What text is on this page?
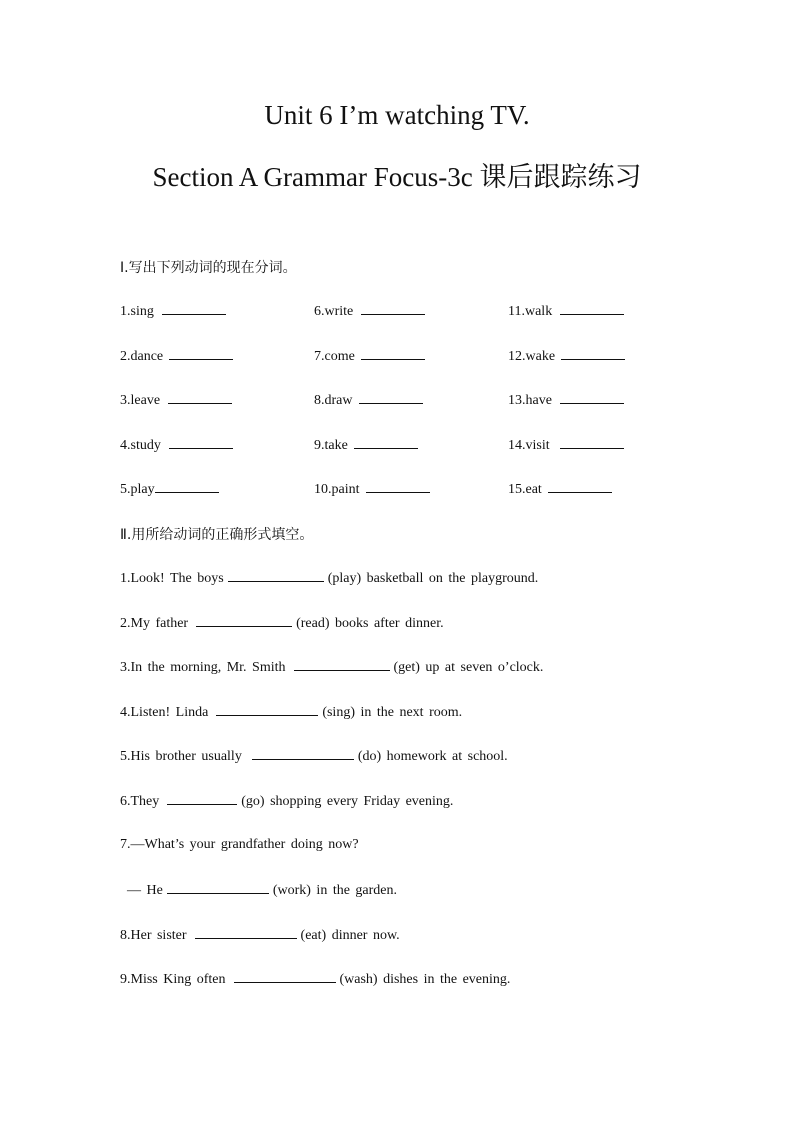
Unit 6 I’m watching TV.
Section A Grammar Focus-3c 课后跟踪练习
Ⅰ.写出下列动词的现在分词。
1.sing	6.write	11.walk
2.dance	7.come	12.wake
3.leave	8.draw	13.have
4.study	9.take	14.visit
5.play	10.paint	15.eat
Ⅱ.用所给动词的正确形式填空。
1.Look! The boys	(play) basketball on the playground.
2.My father	(read) books after dinner.
3.In the morning, Mr. Smith	(get) up at seven o’clock.
4.Listen! Linda	(sing) in the next room.
5.His brother usually	(do) homework at school.
6.They	(go) shopping every Friday evening.
7.—What’s your grandfather doing now?
— He	(work) in the garden.
8.Her sister	(eat) dinner now.
9.Miss King often	(wash) dishes in the evening.
